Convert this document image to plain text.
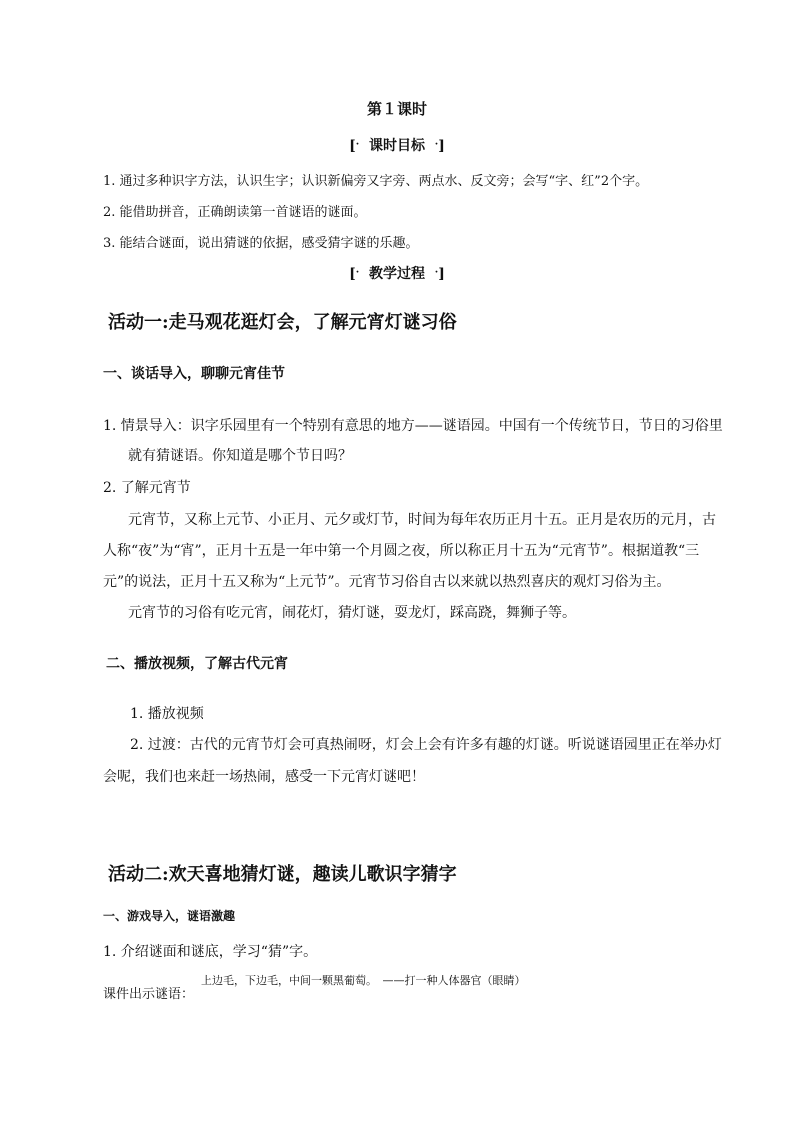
第１课时
[· 课时目标 ·]
1. 通过多种识字方法，认识生字；认识新偏旁又字旁、两点水、反文旁；会写“字、红”2个字。
2. 能借助拼音，正确朗读第一首谜语的谜面。
3. 能结合谜面，说出猜谜的依据，感受猜字谜的乐趣。
[· 教学过程 ·]
活动一:走马观花逛灯会，了解元宵灯谜习俗
一、谈话导入，聊聊元宵佳节
1. 情景导入：识字乐园里有一个特别有意思的地方——谜语园。中国有一个传统节日，节日的习俗里
就有猜谜语。你知道是哪个节日吗？
2. 了解元宵节
元宵节，又称上元节、小正月、元夕或灯节，时间为每年农历正月十五。正月是农历的元月，古
人称“夜”为“宵”，正月十五是一年中第一个月圆之夜，所以称正月十五为“元宵节”。根据道教“三
元”的说法，正月十五又称为“上元节”。元宵节习俗自古以来就以热烈喜庆的观灯习俗为主。
元宵节的习俗有吃元宵，闹花灯，猜灯谜，耍龙灯，踩高跷，舞狮子等。
二、播放视频，了解古代元宵
1. 播放视频
2. 过渡：古代的元宵节灯会可真热闹呀，灯会上会有许多有趣的灯谜。听说谜语园里正在举办灯
会呢，我们也来赶一场热闹，感受一下元宵灯谜吧！
活动二:欢天喜地猜灯谜，趣读儿歌识字猜字
一、游戏导入，谜语激趣
1. 介绍谜面和谜底，学习“猜”字。
课件出示谜语：
上边毛，下边毛，中间一颗黑葡萄。　——打一种人体器官（眼睛）
